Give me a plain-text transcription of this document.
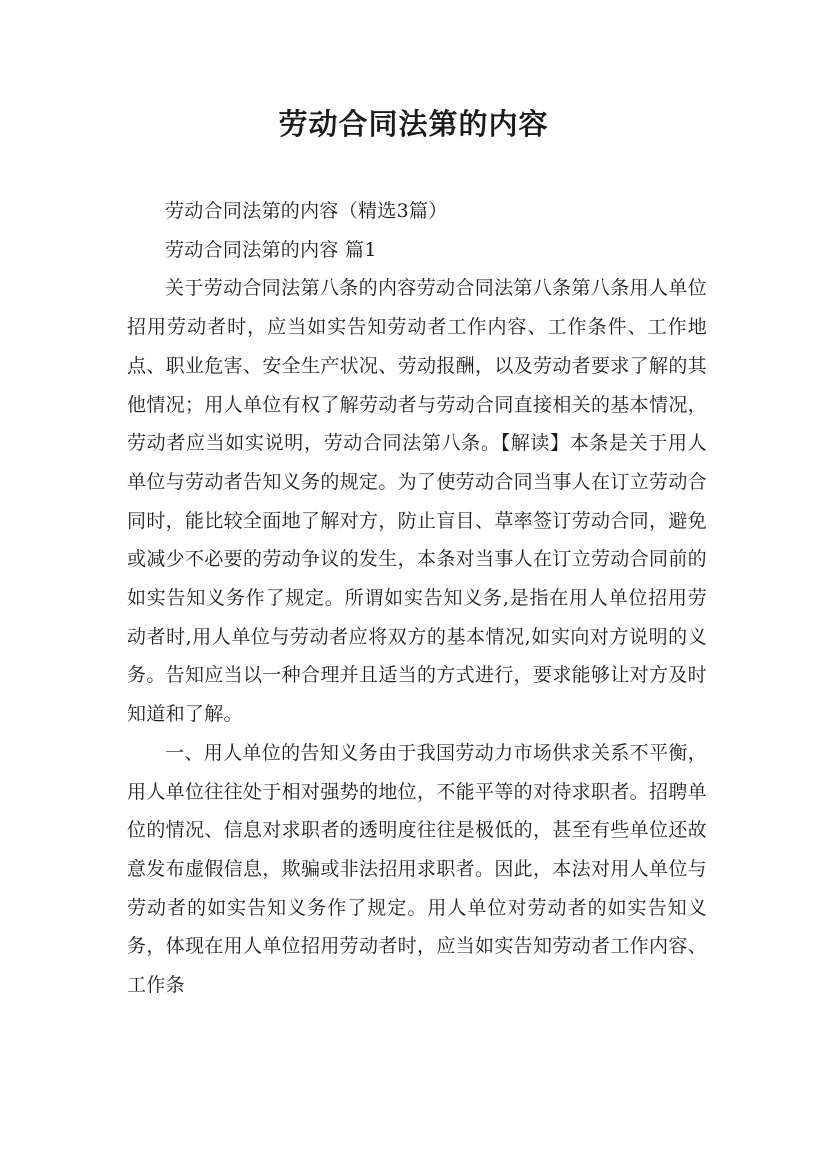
劳动合同法第的内容

劳动合同法第的内容（精选3篇）

劳动合同法第的内容 篇1

关于劳动合同法第八条的内容劳动合同法第八条第八条用人单位招用劳动者时，应当如实告知劳动者工作内容、工作条件、工作地点、职业危害、安全生产状况、劳动报酬，以及劳动者要求了解的其他情况；用人单位有权了解劳动者与劳动合同直接相关的基本情况，劳动者应当如实说明，劳动合同法第八条。【解读】本条是关于用人单位与劳动者告知义务的规定。为了使劳动合同当事人在订立劳动合同时，能比较全面地了解对方，防止盲目、草率签订劳动合同，避免或减少不必要的劳动争议的发生，本条对当事人在订立劳动合同前的如实告知义务作了规定。所谓如实告知义务,是指在用人单位招用劳动者时,用人单位与劳动者应将双方的基本情况,如实向对方说明的义务。告知应当以一种合理并且适当的方式进行，要求能够让对方及时知道和了解。

一、用人单位的告知义务由于我国劳动力市场供求关系不平衡，用人单位往往处于相对强势的地位，不能平等的对待求职者。招聘单位的情况、信息对求职者的透明度往往是极低的，甚至有些单位还故意发布虚假信息，欺骗或非法招用求职者。因此，本法对用人单位与劳动者的如实告知义务作了规定。用人单位对劳动者的如实告知义务，体现在用人单位招用劳动者时，应当如实告知劳动者工作内容、工作条
